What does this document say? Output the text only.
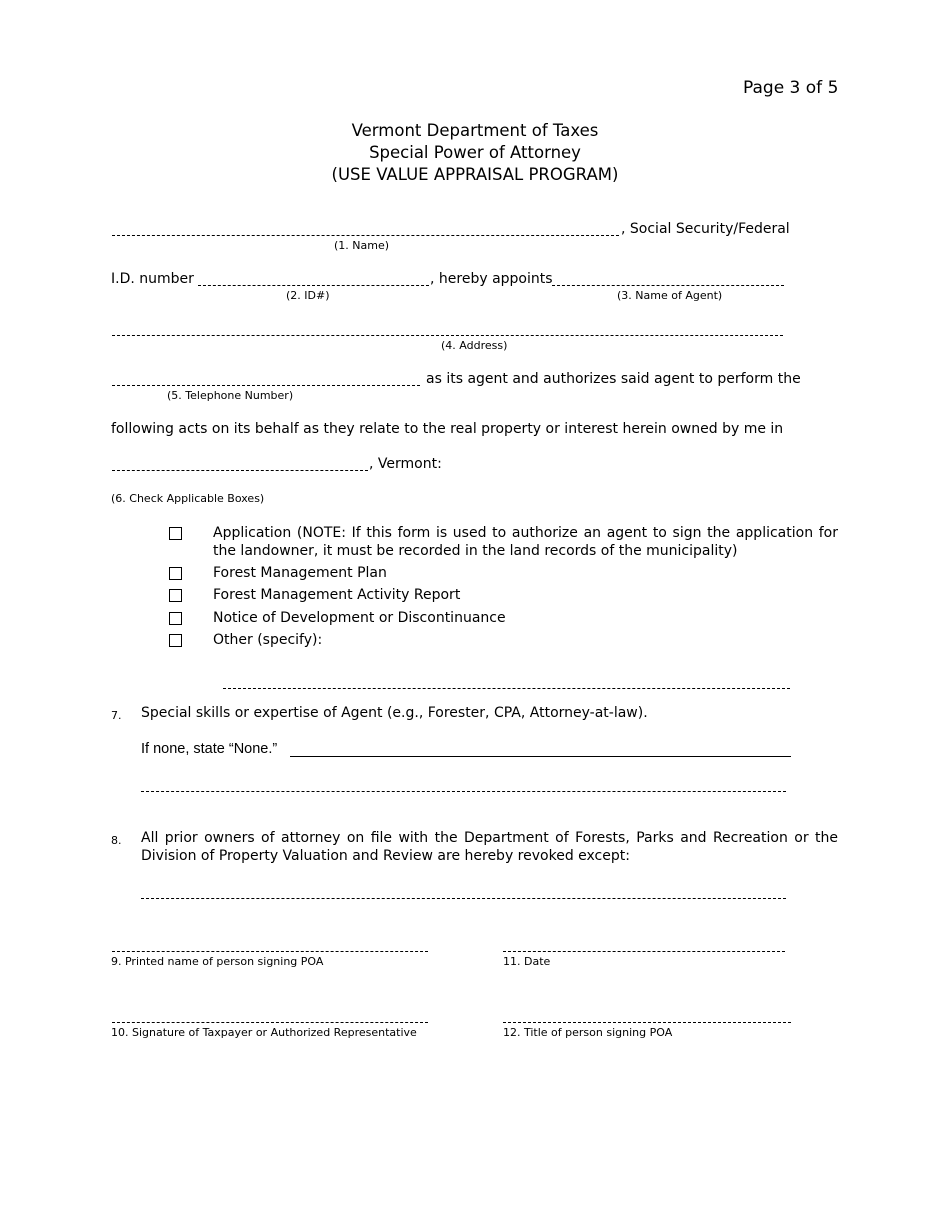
Page 3 of 5
Vermont Department of Taxes
Special Power of Attorney
(USE VALUE APPRAISAL PROGRAM)
, Social Security/Federal
(1. Name)
I.D. number	, hereby appoints
(2. ID#)	(3. Name of Agent)
(4. Address)
as its agent and authorizes said agent to perform the
(5. Telephone Number)
following acts on its behalf as they relate to the real property or interest herein owned by me in
, Vermont:
(6. Check Applicable Boxes)
Application (NOTE: If this form is used to authorize an agent to sign the application for the landowner, it must be recorded in the land records of the municipality)
Forest Management Plan
Forest Management Activity Report
Notice of Development or Discontinuance
Other (specify):
7. Special skills or expertise of Agent (e.g., Forester, CPA, Attorney-at-law).
If none, state “None.”
8. All prior owners of attorney on file with the Department of Forests, Parks and Recreation or the Division of Property Valuation and Review are hereby revoked except:
9. Printed name of person signing POA	11. Date
10. Signature of Taxpayer or Authorized Representative	12. Title of person signing POA
